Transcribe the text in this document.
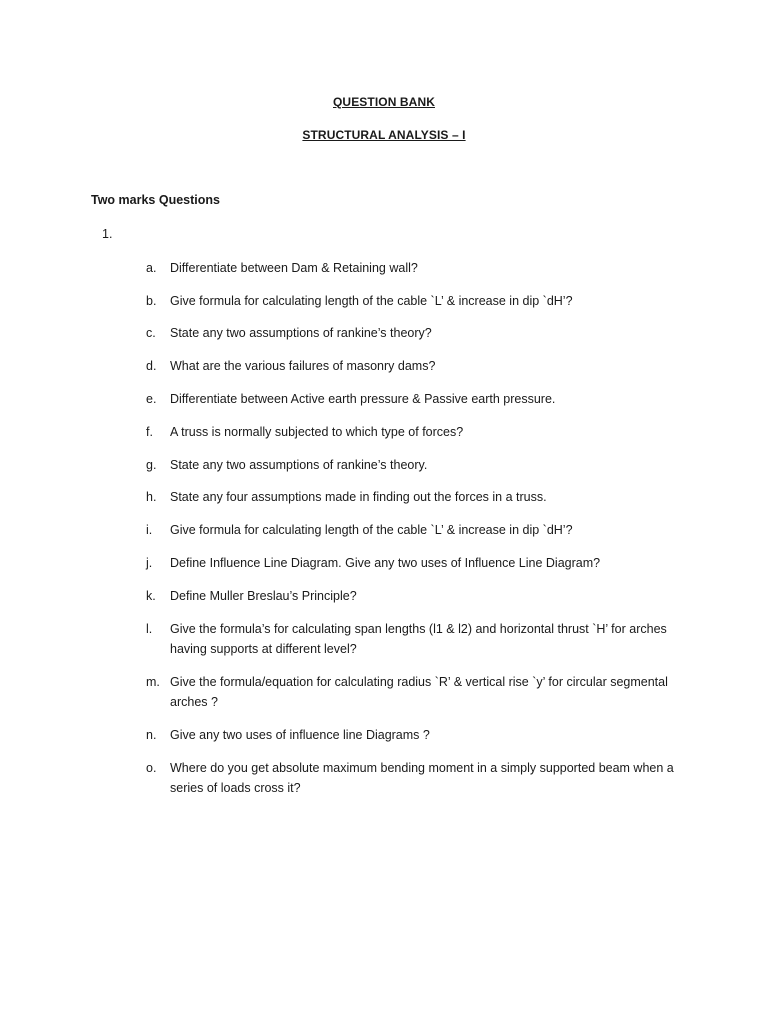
QUESTION BANK
STRUCTURAL ANALYSIS – I
Two marks Questions
1.
a. Differentiate between Dam & Retaining wall?
b. Give formula for calculating length of the cable `L’ & increase in dip `dH’?
c. State any two assumptions of rankine’s theory?
d. What are the various failures of masonry dams?
e. Differentiate between Active earth pressure & Passive earth pressure.
f. A truss is normally subjected to which type of forces?
g. State any two assumptions of rankine’s theory.
h. State any four assumptions made in finding out the forces in a truss.
i. Give formula for calculating length of the cable `L’ & increase in dip `dH’?
j. Define Influence Line Diagram. Give any two uses of Influence Line Diagram?
k. Define Muller Breslau’s Principle?
l. Give the formula’s for calculating span lengths (l1 & l2) and horizontal thrust `H’ for arches having supports at different level?
m. Give the formula/equation for calculating radius `R’ & vertical rise `y’ for circular segmental arches ?
n. Give any two uses of influence line Diagrams ?
o. Where do you get absolute maximum bending moment in a simply supported beam when a series of loads cross it?
